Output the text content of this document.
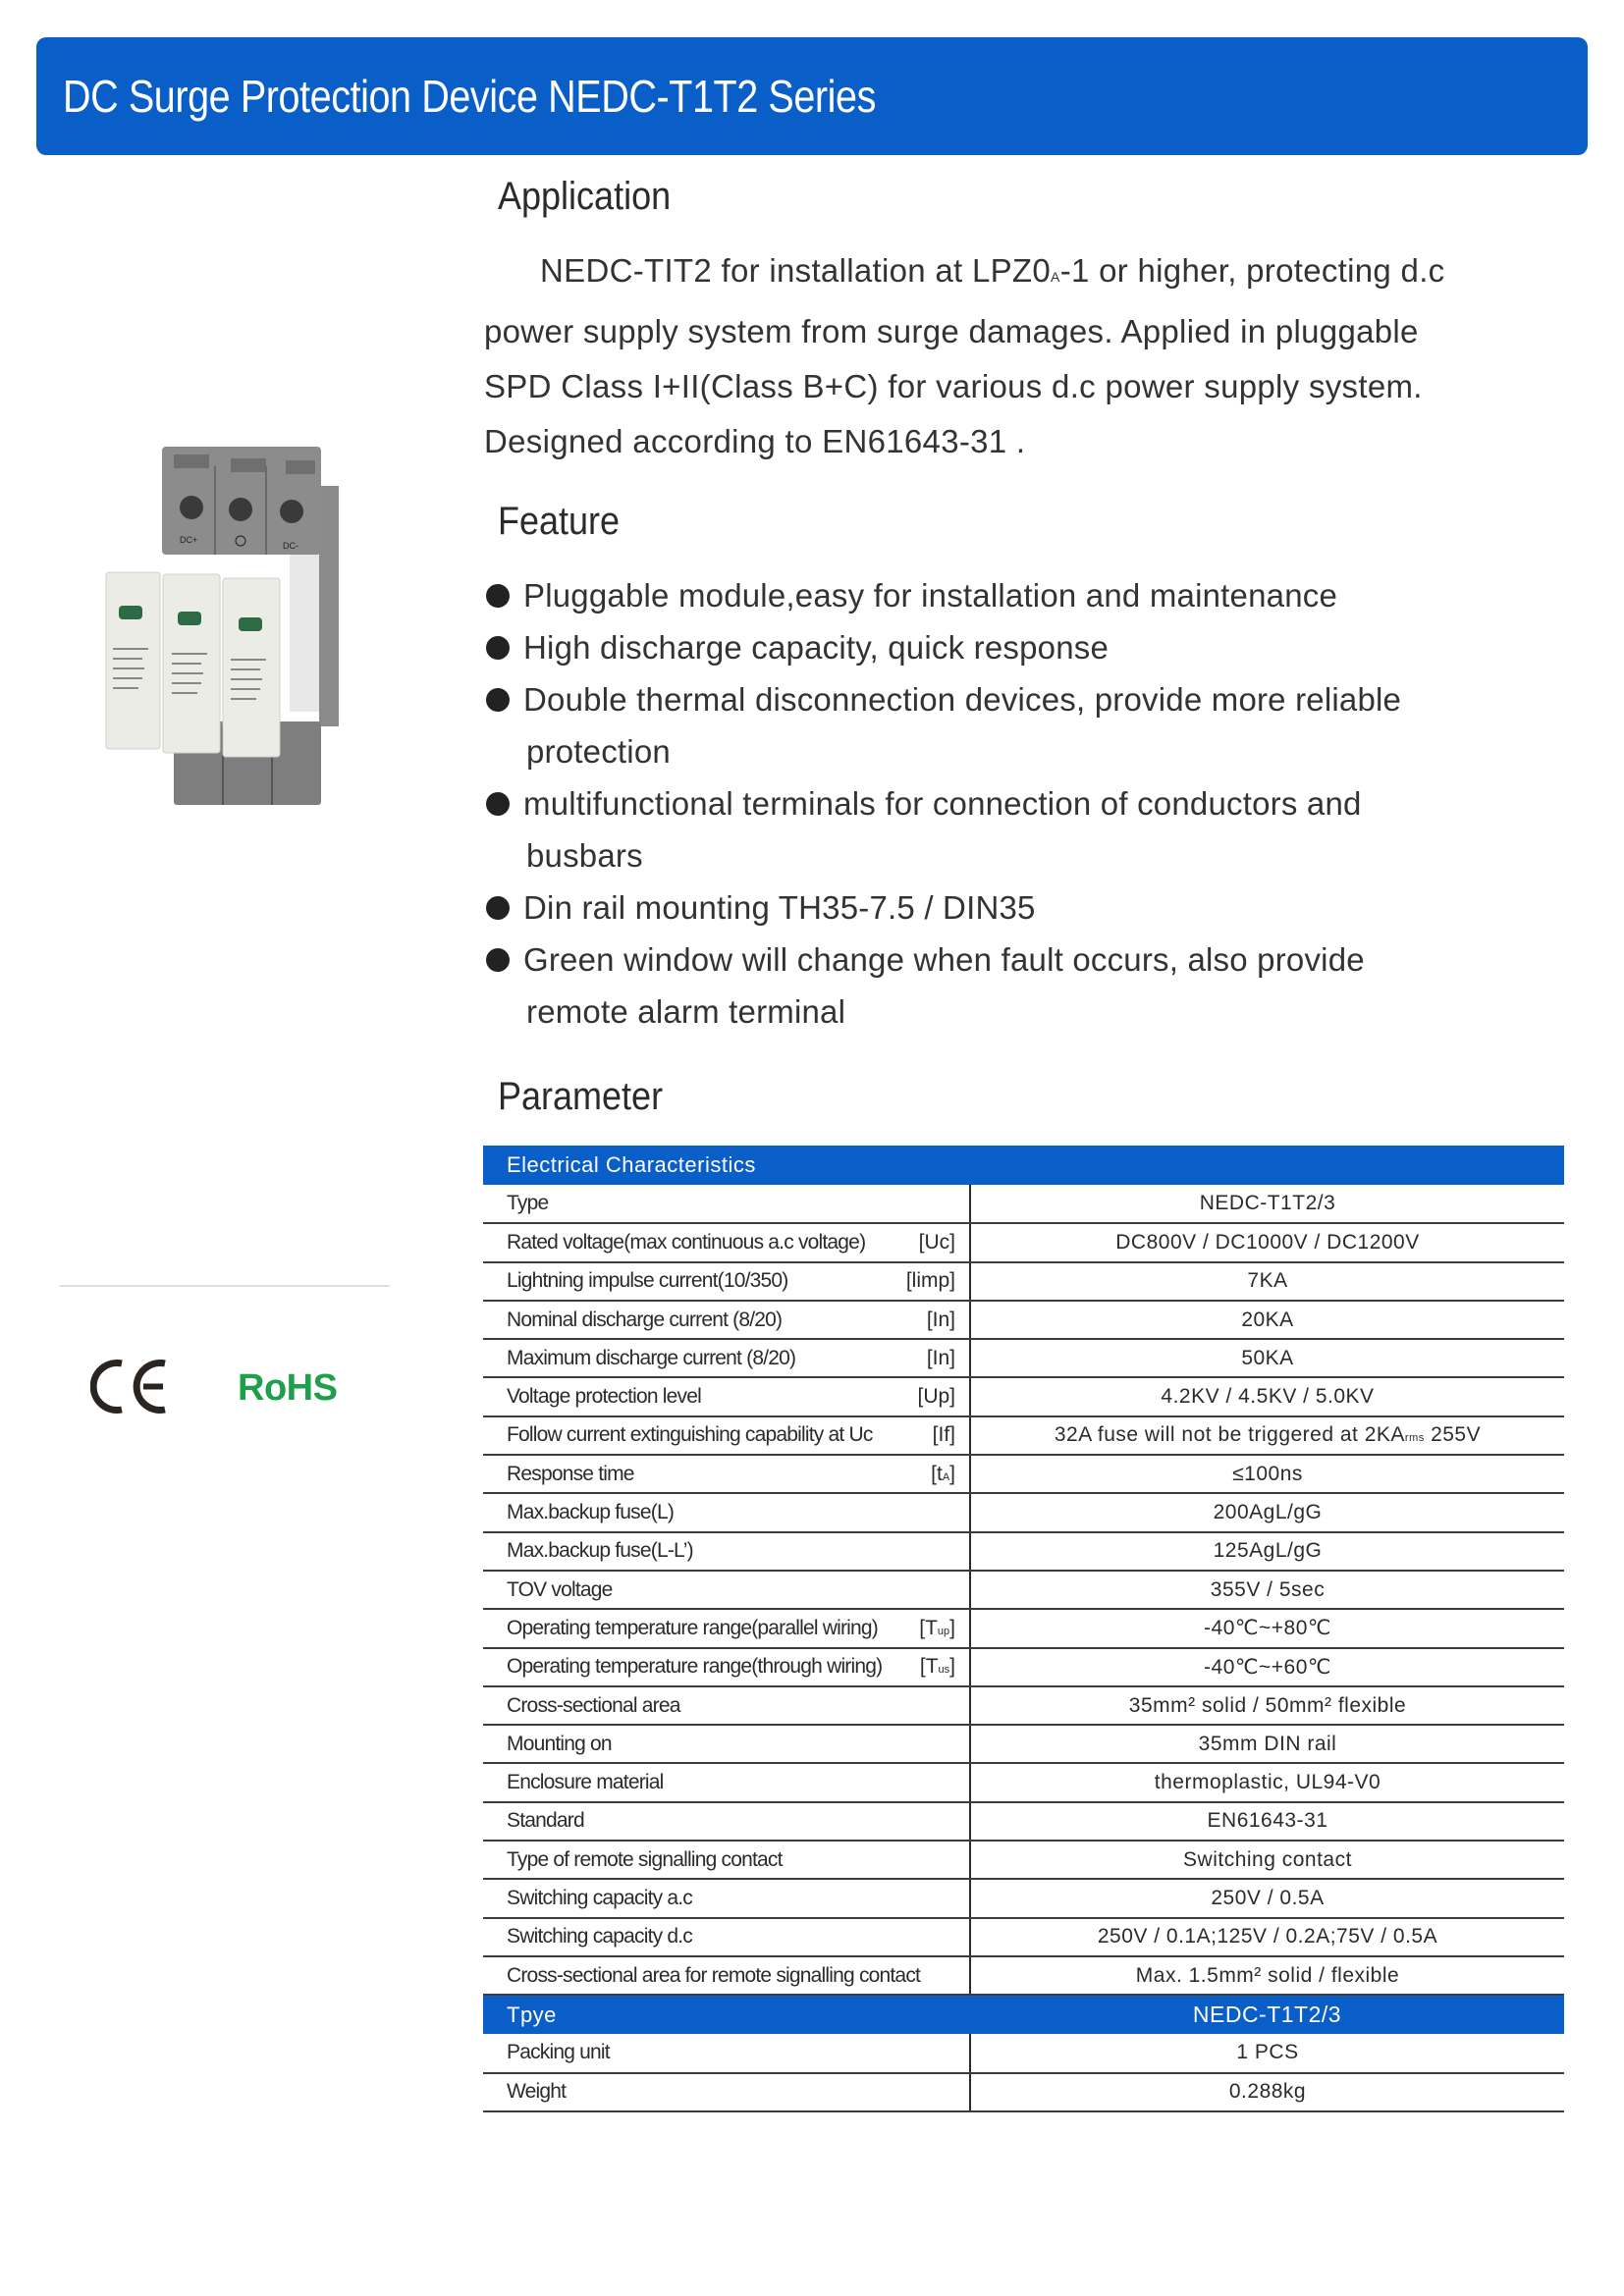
DC Surge Protection Device NEDC-T1T2 Series
Application
NEDC-TIT2 for installation at LPZ0A-1 or higher, protecting d.c
power supply system from surge damages. Applied in pluggable
SPD Class I+II(Class B+C) for various d.c power supply system.
Designed according to EN61643-31 .
Feature
Pluggable module,easy for installation and maintenance
High discharge capacity, quick response
Double thermal disconnection devices, provide more reliable
protection
multifunctional terminals for connection of conductors and
busbars
Din rail mounting TH35-7.5 / DIN35
Green window will change when fault occurs, also provide
remote alarm terminal
DC+
DC-
RoHS
Parameter
Electrical Characteristics	

Type	NEDC-T1T2/3

Rated voltage(max continuous a.c voltage) [Uc]	DC800V / DC1000V / DC1200V

Lightning impulse current(10/350) [limp]	7KA

Nominal discharge current (8/20) [In]	20KA

Maximum discharge current (8/20) [In]	50KA

Voltage protection level [Up]	4.2KV / 4.5KV / 5.0KV

Follow current extinguishing capability at Uc [If]	32A fuse will not be triggered at 2KArms 255V

Response time [tA]	≤100ns

Max.backup fuse(L)	200AgL/gG

Max.backup fuse(L-L’)	125AgL/gG

TOV voltage	355V / 5sec

Operating temperature range(parallel wiring) [Tup]	-40℃~+80℃

Operating temperature range(through wiring) [Tus]	-40℃~+60℃

Cross-sectional area	35mm² solid / 50mm² flexible

Mounting on	35mm DIN rail

Enclosure material	thermoplastic, UL94-V0

Standard	EN61643-31

Type of remote signalling contact	Switching contact

Switching capacity a.c	250V / 0.5A

Switching capacity d.c	250V / 0.1A;125V / 0.2A;75V / 0.5A

Cross-sectional area for remote signalling contact	Max. 1.5mm² solid / flexible
Tpye	NEDC-T1T2/3
Packing unit	1 PCS
Weight	0.288kg
